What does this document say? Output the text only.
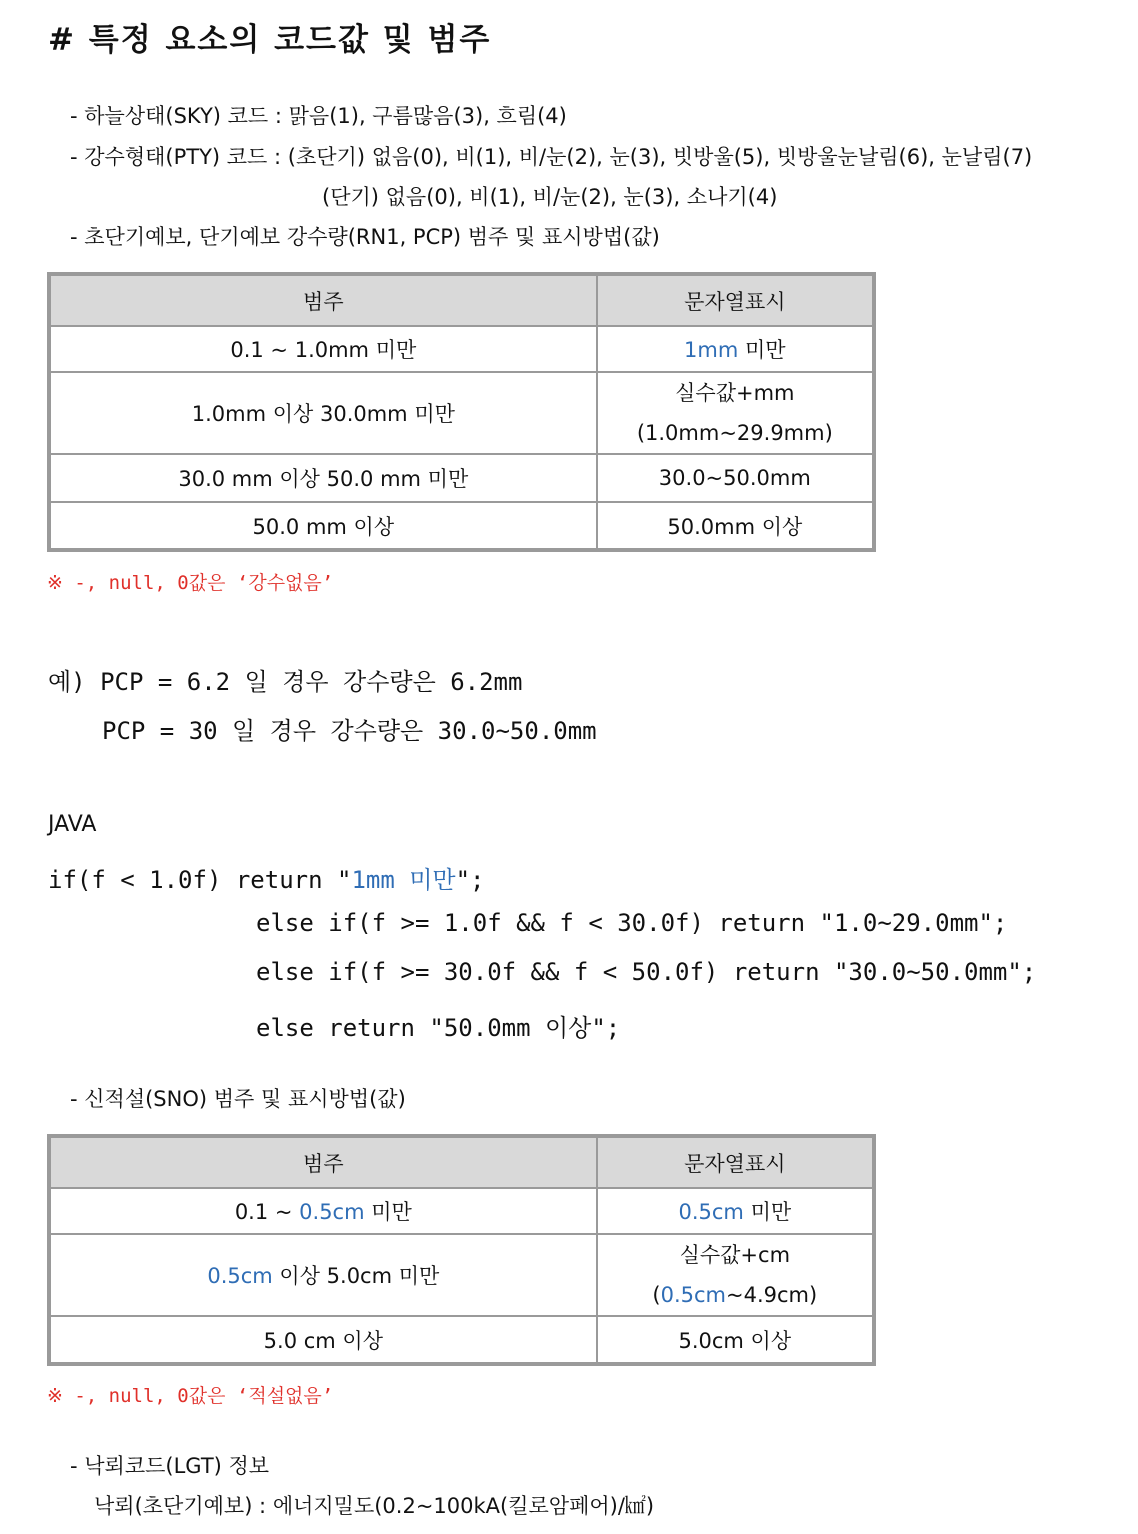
# 특정 요소의 코드값 및 범주
- 하늘상태(SKY) 코드 : 맑음(1), 구름많음(3), 흐림(4)
- 강수형태(PTY) 코드 : (초단기) 없음(0), 비(1), 비/눈(2), 눈(3), 빗방울(5), 빗방울눈날림(6), 눈날림(7)
(단기) 없음(0), 비(1), 비/눈(2), 눈(3), 소나기(4)
- 초단기예보, 단기예보 강수량(RN1, PCP) 범주 및 표시방법(값)
범주	문자열표시
0.1 ~ 1.0mm 미만	1mm 미만
1.0mm 이상 30.0mm 미만	실수값+mm
(1.0mm~29.9mm)

30.0 mm 이상 50.0 mm 미만	30.0~50.0mm
50.0 mm 이상	50.0mm 이상
※ -, null, 0값은 ‘강수없음’
예) PCP = 6.2 일 경우 강수량은 6.2mm
PCP = 30 일 경우 강수량은 30.0~50.0mm
JAVA
if(f < 1.0f) return "1mm 미만";
else if(f >= 1.0f && f < 30.0f) return "1.0~29.0mm";
else if(f >= 30.0f && f < 50.0f) return "30.0~50.0mm";
else return "50.0mm 이상";
- 신적설(SNO) 범주 및 표시방법(값)
범주	문자열표시
0.1 ~ 0.5cm 미만	0.5cm 미만
0.5cm 이상 5.0cm 미만	실수값+cm
(0.5cm~4.9cm)

5.0 cm 이상	5.0cm 이상
※ -, null, 0값은 ‘적설없음’
- 낙뢰코드(LGT) 정보
낙뢰(초단기예보) : 에너지밀도(0.2~100kA(킬로암페어)/㎢)
